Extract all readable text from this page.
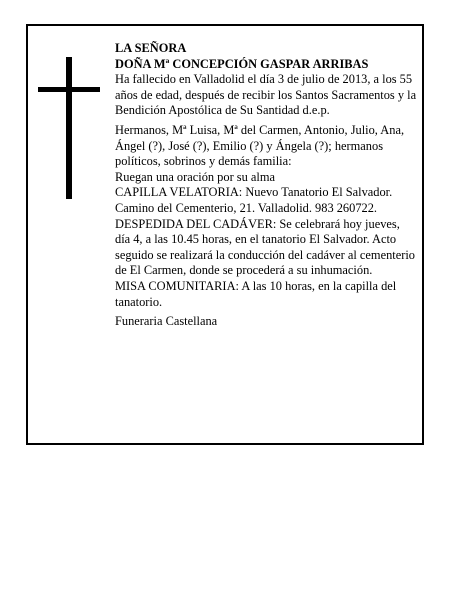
LA SEÑORA

DOÑA Mª CONCEPCIÓN GASPAR ARRIBAS

Ha fallecido en Valladolid el día 3 de julio de 2013, a los 55 años de edad, después de recibir los Santos Sacramentos y la Bendición Apostólica de Su Santidad d.e.p.

Hermanos, Mª Luisa, Mª del Carmen, Antonio, Julio, Ana, Ángel (?), José (?), Emilio (?) y Ángela (?); hermanos políticos, sobrinos y demás familia:

Ruegan una oración por su alma

CAPILLA VELATORIA: Nuevo Tanatorio El Salvador. Camino del Cementerio, 21. Valladolid. 983 260722.

DESPEDIDA DEL CADÁVER: Se celebrará hoy jueves, día 4, a las 10.45 horas, en el tanatorio El Salvador. Acto seguido se realizará la conducción del cadáver al cementerio de El Carmen, donde se procederá a su inhumación.

MISA COMUNITARIA: A las 10 horas, en la capilla del tanatorio.

Funeraria Castellana
